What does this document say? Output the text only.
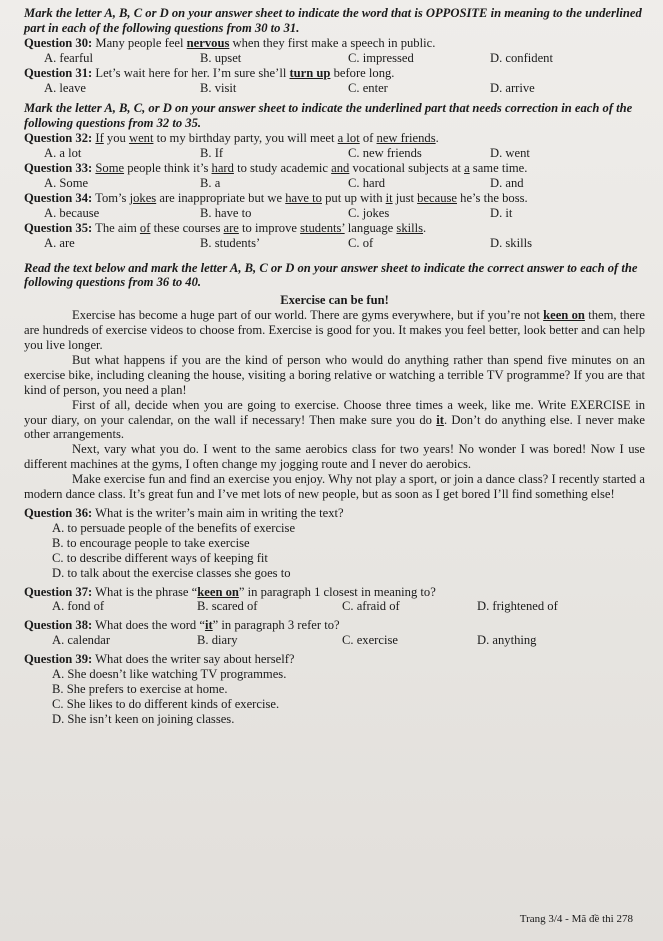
Mark the letter A, B, C or D on your answer sheet to indicate the word that is OPPOSITE in meaning to the underlined part in each of the following questions from 30 to 31.

Question 30: Many people feel nervous when they first make a speech in public.

A. fearful	B. upset	C. impressed	D. confident

Question 31: Let’s wait here for her. I’m sure she’ll turn up before long.

A. leave	B. visit	C. enter	D. arrive

Mark the letter A, B, C, or D on your answer sheet to indicate the underlined part that needs correction in each of the following questions from 32 to 35.

Question 32: If you went to my birthday party, you will meet a lot of new friends.

A. a lot	B. If	C. new friends	D. went

Question 33: Some people think it’s hard to study academic and vocational subjects at a same time.

A. Some	B. a	C. hard	D. and

Question 34: Tom’s jokes are inappropriate but we have to put up with it just because he’s the boss.

A. because	B. have to	C. jokes	D. it

Question 35: The aim of these courses are to improve students’ language skills.

A. are	B. students’	C. of	D. skills

Read the text below and mark the letter A, B, C or D on your answer sheet to indicate the correct answer to each of the following questions from 36 to 40.

Exercise can be fun!

Exercise has become a huge part of our world. There are gyms everywhere, but if you’re not keen on them, there are hundreds of exercise videos to choose from. Exercise is good for you. It makes you feel better, look better and can help you live longer.

But what happens if you are the kind of person who would do anything rather than spend five minutes on an exercise bike, including cleaning the house, visiting a boring relative or watching a terrible TV programme? If you are that kind of person, you need a plan!

First of all, decide when you are going to exercise. Choose three times a week, like me. Write EXERCISE in your diary, on your calendar, on the wall if necessary! Then make sure you do it. Don’t do anything else. I never make other arrangements.

Next, vary what you do. I went to the same aerobics class for two years! No wonder I was bored! Now I use different machines at the gyms, I often change my jogging route and I never do aerobics.

Make exercise fun and find an exercise you enjoy. Why not play a sport, or join a dance class? I recently started a modern dance class. It’s great fun and I’ve met lots of new people, but as soon as I get bored I’ll find something else!

Question 36: What is the writer’s main aim in writing the text?

A. to persuade people of the benefits of exercise
B. to encourage people to take exercise
C. to describe different ways of keeping fit
D. to talk about the exercise classes she goes to

Question 37: What is the phrase “keen on” in paragraph 1 closest in meaning to?

A. fond of	B. scared of	C. afraid of	D. frightened of

Question 38: What does the word “it” in paragraph 3 refer to?

A. calendar	B. diary	C. exercise	D. anything

Question 39: What does the writer say about herself?

A. She doesn’t like watching TV programmes.
B. She prefers to exercise at home.
C. She likes to do different kinds of exercise.
D. She isn’t keen on joining classes.
Trang 3/4 - Mã đề thi 278
